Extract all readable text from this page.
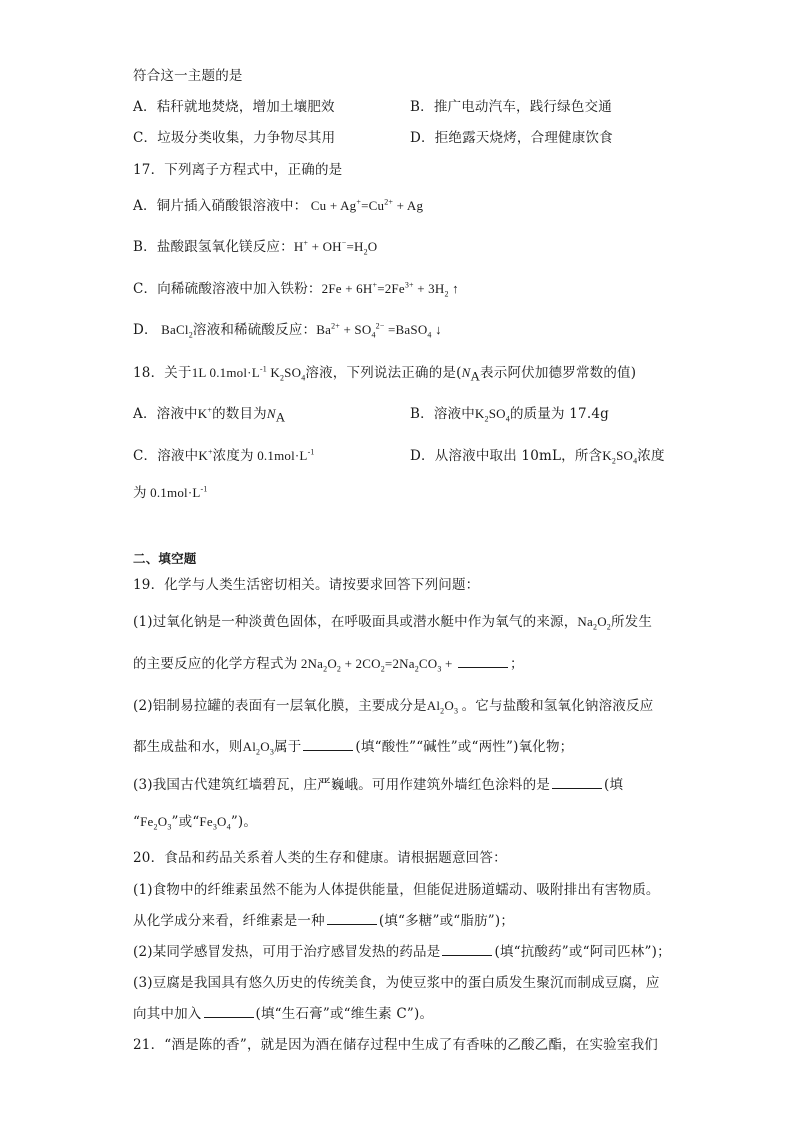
符合这一主题的是
A．秸秆就地焚烧，增加土壤肥效	B．推广电动汽车，践行绿色交通
C．垃圾分类收集，力争物尽其用	D．拒绝露天烧烤，合理健康饮食
17．下列离子方程式中，正确的是
A．铜片插入硝酸银溶液中： $Cu + Ag^+=Cu^{2+} + Ag$
B．盐酸跟氢氧化镁反应：$H^+ + OH^-=H_2O$
C．向稀硫酸溶液中加入铁粉：$2Fe + 6H^+=2Fe^{3+} + 3H_2$ ↑
D． BaCl$_2$溶液和稀硫酸反应：$Ba^{2+} + SO_4^{2-}$ =BaSO$_4$ ↓
18．关于1L $0.1mol\cdot L^{-1}$ $K_2SO_4$溶液，下列说法正确的是($N_A$表示阿伏加德罗常数的值)
A．溶液中K+的数目为$N_A$	B．溶液中$K_2SO_4$的质量为 17.4g
C．溶液中K+浓度为 $0.1mol\cdot L^{-1}$	D．从溶液中取出 10mL，所含$K_2SO_4$浓度
为 $0.1mol\cdot L^{-1}$
二、填空题
19．化学与人类生活密切相关。请按要求回答下列问题：
(1)过氧化钠是一种淡黄色固体，在呼吸面具或潜水艇中作为氧气的来源，$Na_2O_2$所发生
的主要反应的化学方程式为 $2Na_2O_2 + 2CO_2=2Na_2CO_3$ +	；
(2)铝制易拉罐的表面有一层氧化膜，主要成分是$Al_2O_3$ 。它与盐酸和氢氧化钠溶液反应
都生成盐和水，则$Al_2O_3$属于	(填“酸性”“碱性”或“两性”)氧化物；
(3)我国古代建筑红墙碧瓦，庄严巍峨。可用作建筑外墙红色涂料的是	(填
“$Fe_2O_3$”或“$Fe_3O_4$”)。
20．食品和药品关系着人类的生存和健康。请根据题意回答：
(1)食物中的纤维素虽然不能为人体提供能量，但能促进肠道蠕动、吸附排出有害物质。
从化学成分来看，纤维素是一种	(填“多糖”或“脂肪”)；
(2)某同学感冒发热，可用于治疗感冒发热的药品是	(填“抗酸药”或“阿司匹林”)；
(3)豆腐是我国具有悠久历史的传统美食，为使豆浆中的蛋白质发生聚沉而制成豆腐，应
向其中加入	(填“生石膏”或“维生素 C”)。
21．“酒是陈的香”，就是因为酒在储存过程中生成了有香味的乙酸乙酯，在实验室我们
